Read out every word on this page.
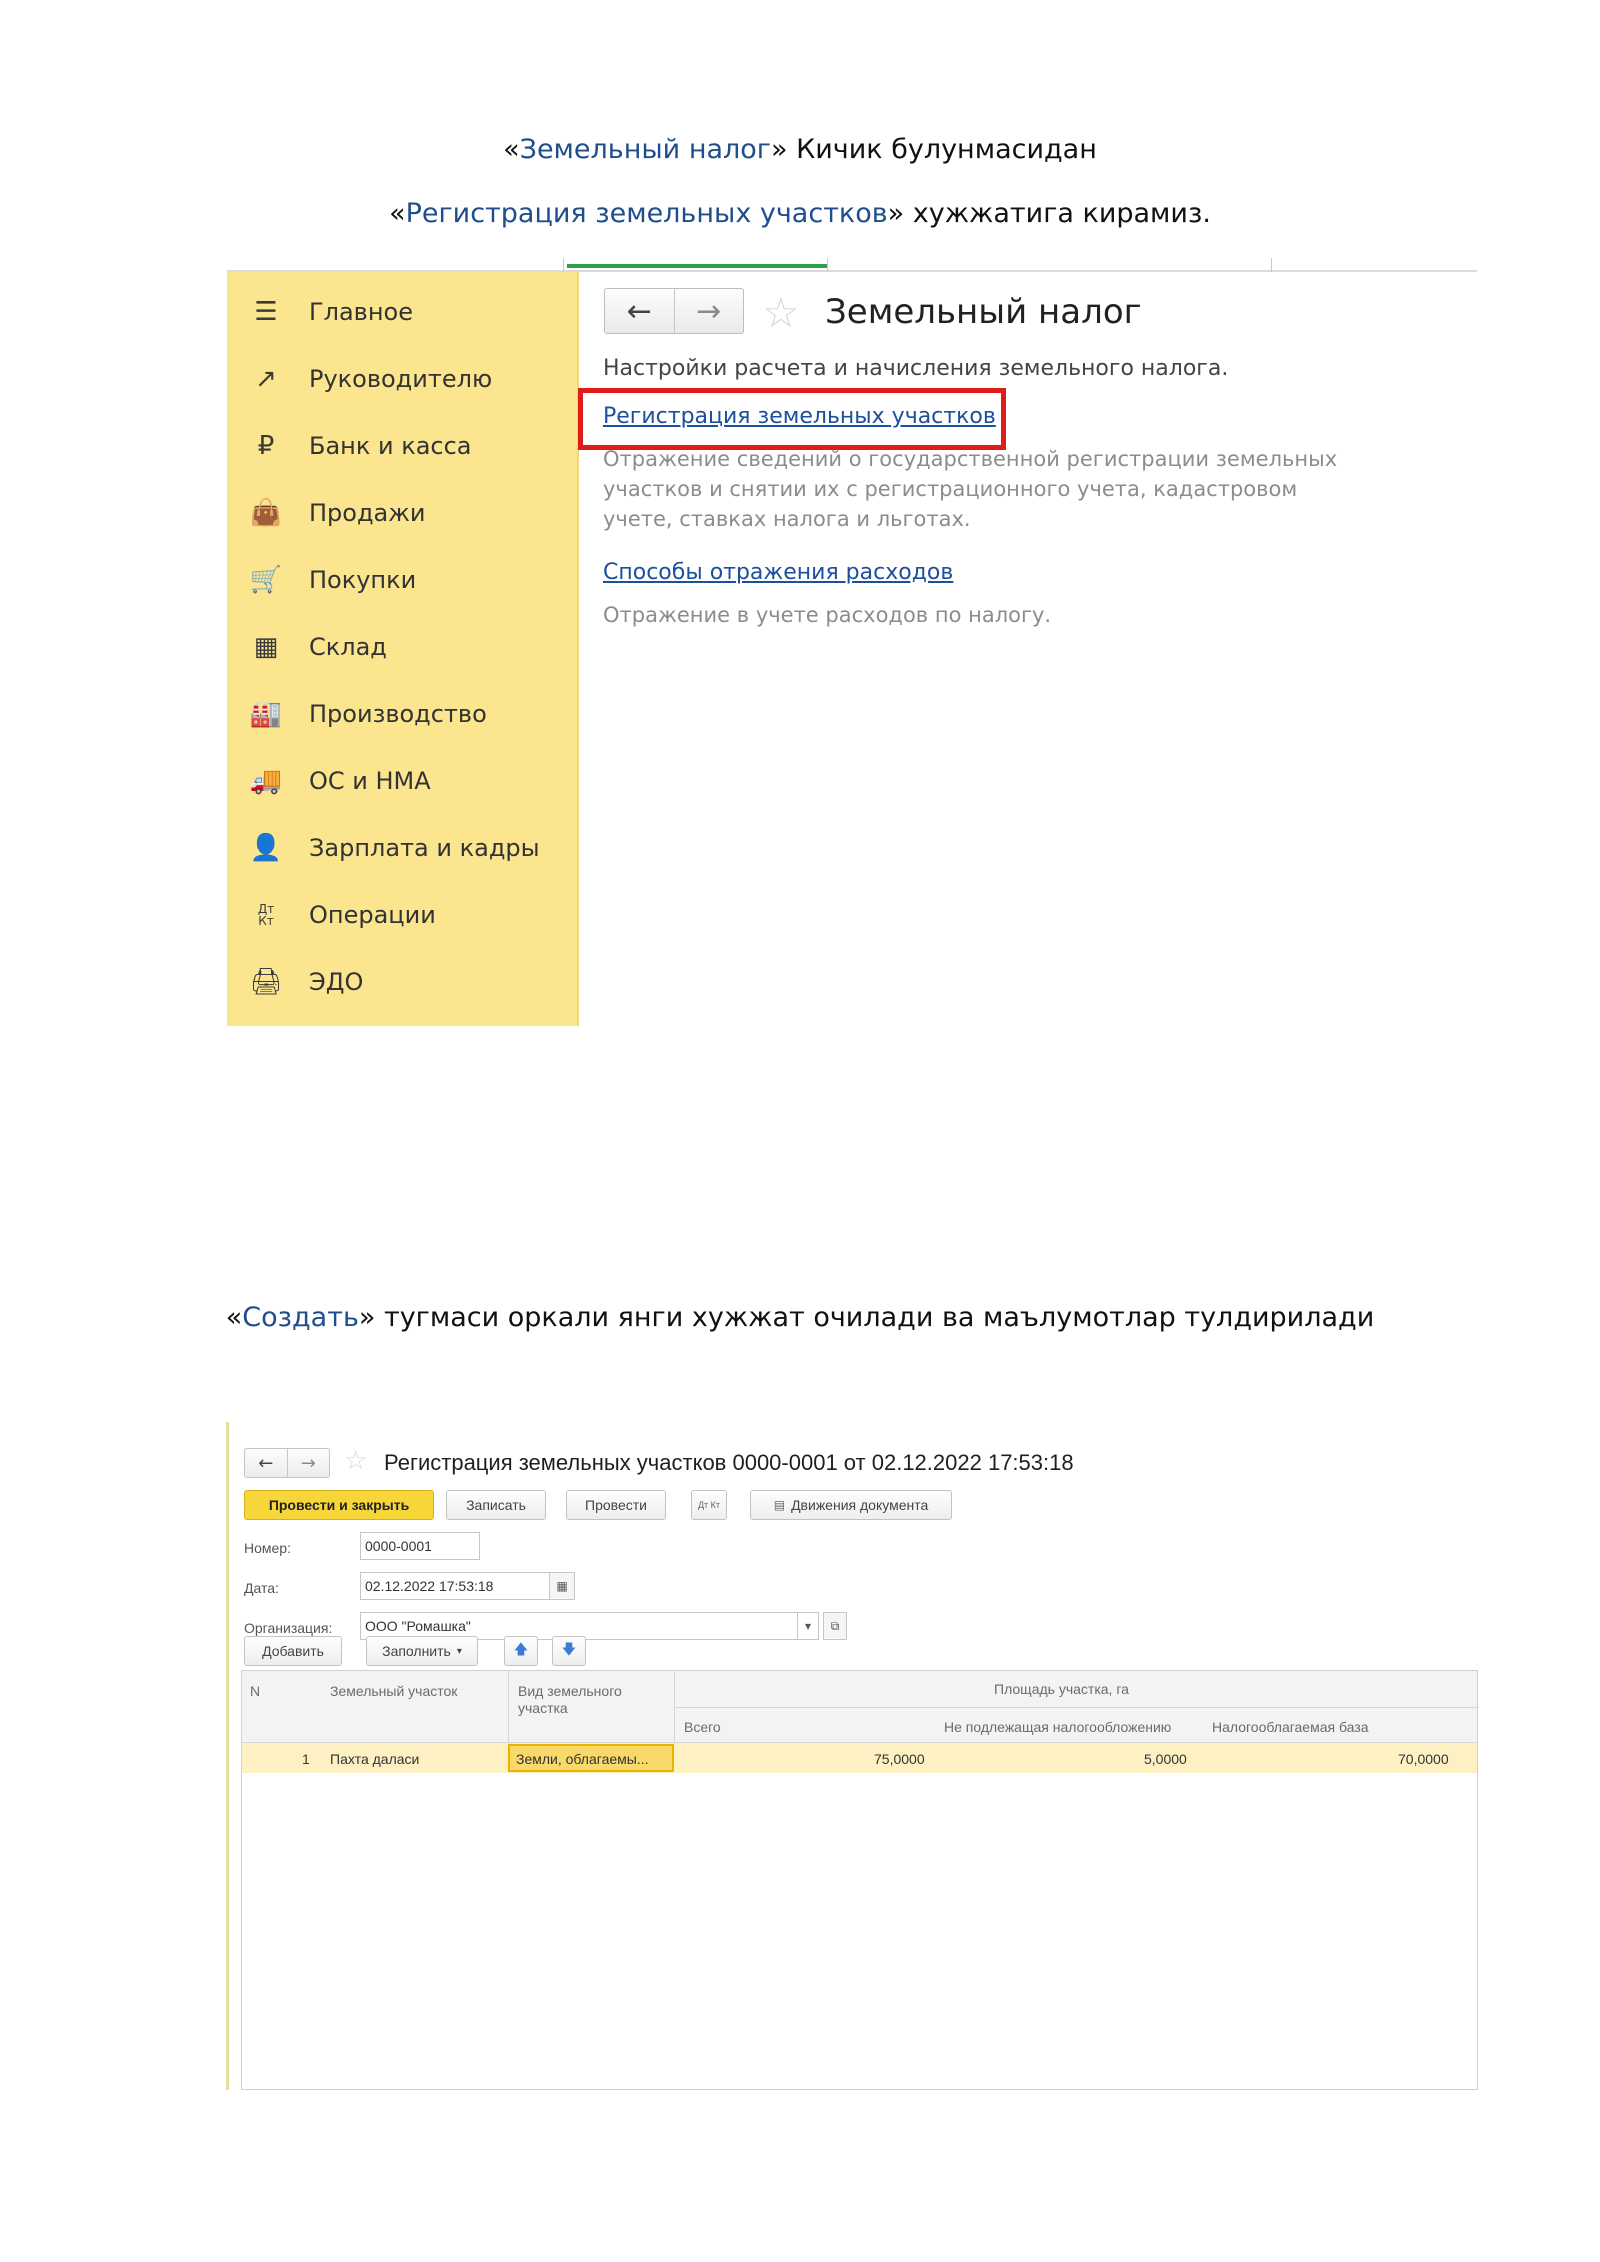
«Земельный налог» Кичик булунмасидан
«Регистрация земельных участков» хужжатига кирамиз.
☰ Главное
↗ Руководителю
₽	Банк и касса
👜 Продажи
🛒 Покупки
▦ Склад
🏭 Производство
🚚 ОС и НМА
👤 Зарплата и кадры
Дт Кт	Операции
🖨 ЭДО
←	→ ☆ Земельный налог
Настройки расчета и начисления земельного налога.
Регистрация земельных участков
Отражение сведений о государственной регистрации земельных
участков и снятии их с регистрационного учета, кадастровом
учете, ставках налога и льготах.
Способы отражения расходов
Отражение в учете расходов по налогу.
«Создать» тугмаси оркали янги хужжат очилади ва маълумотлар тулдирилади
←	→	☆ Регистрация земельных участков 0000-0001 от 02.12.2022 17:53:18
Провести и закрыть	Записать	Провести	Дт Кт	▤ Движения документа
Номер:	0000-0001
Дата:	02.12.2022 17:53:18	▦
Организация:	ООО "Ромашка"	▾	⧉
Добавить	Заполнить ▾	🡅 🡇
N	Земельный участок	Вид земельного участка
Площадь участка, га
Всего	Не подлежащая налогообложению	Налогооблагаемая база
1 Пахта даласи	Земли, облагаемы...	75,0000	5,0000	70,0000
